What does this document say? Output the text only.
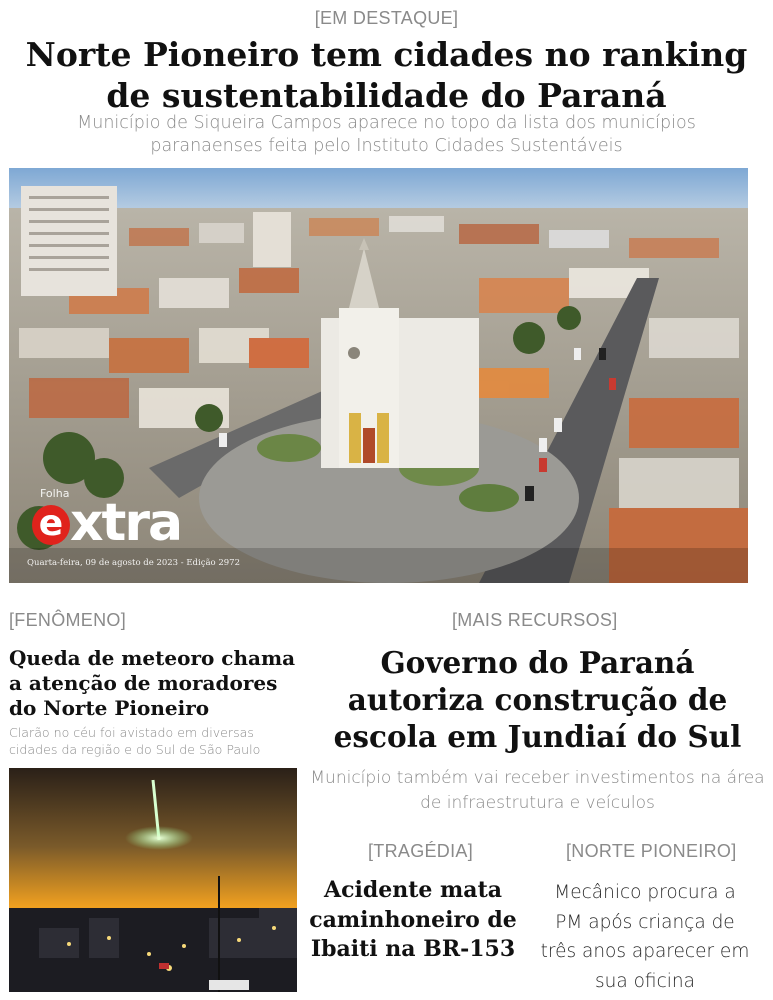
[EM DESTAQUE]
Norte Pioneiro tem cidades no ranking de sustentabilidade do Paraná

Município de Siqueira Campos aparece no topo da lista dos municípios paranaenses feita pelo Instituto Cidades Sustentáveis

Folha
e xtra
Quarta-feira, 09 de agosto de 2023 - Edição 2972
[FENÔMENO]
Queda de meteoro chama a atenção de moradores do Norte Pioneiro

Clarão no céu foi avistado em diversas cidades da região e do Sul de São Paulo

[MAIS RECURSOS]
Governo do Paraná autoriza construção de escola em Jundiaí do Sul

Município também vai receber investimentos na área de infraestrutura e veículos

[TRAGÉDIA]
Acidente mata caminhoneiro de Ibaiti na BR-153
[NORTE PIONEIRO]

Mecânico procura a PM após criança de três anos aparecer em sua oficina
